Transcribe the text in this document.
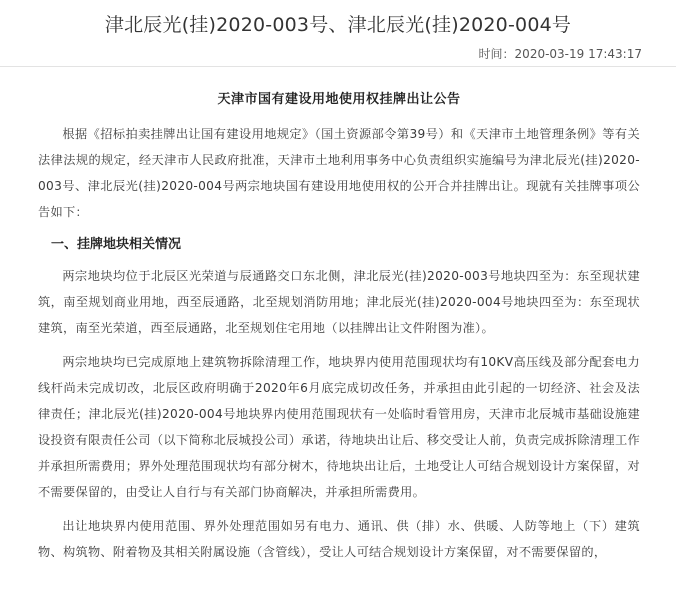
津北辰光(挂)2020-003号、津北辰光(挂)2020-004号
时间：2020-03-19 17:43:17
天津市国有建设用地使用权挂牌出让公告

根据《招标拍卖挂牌出让国有建设用地规定》（国土资源部令第39号）和《天津市土地管理条例》等有关法律法规的规定，经天津市人民政府批准，天津市土地利用事务中心负责组织实施编号为津北辰光(挂)2020-003号、津北辰光(挂)2020-004号两宗地块国有建设用地使用权的公开合并挂牌出让。现就有关挂牌事项公告如下：

一、挂牌地块相关情况

两宗地块均位于北辰区光荣道与辰通路交口东北侧，津北辰光(挂)2020-003号地块四至为：东至现状建筑，南至规划商业用地，西至辰通路，北至规划消防用地；津北辰光(挂)2020-004号地块四至为：东至现状建筑，南至光荣道，西至辰通路，北至规划住宅用地（以挂牌出让文件附图为准）。

两宗地块均已完成原地上建筑物拆除清理工作，地块界内使用范围现状均有10KV高压线及部分配套电力线杆尚未完成切改，北辰区政府明确于2020年6月底完成切改任务，并承担由此引起的一切经济、社会及法律责任；津北辰光(挂)2020-004号地块界内使用范围现状有一处临时看管用房，天津市北辰城市基础设施建设投资有限责任公司（以下简称北辰城投公司）承诺，待地块出让后、移交受让人前，负责完成拆除清理工作并承担所需费用；界外处理范围现状均有部分树木，待地块出让后，土地受让人可结合规划设计方案保留，对不需要保留的，由受让人自行与有关部门协商解决，并承担所需费用。

出让地块界内使用范围、界外处理范围如另有电力、通讯、供（排）水、供暖、人防等地上（下）建筑物、构筑物、附着物及其相关附属设施（含管线），受让人可结合规划设计方案保留，对不需要保留的，
